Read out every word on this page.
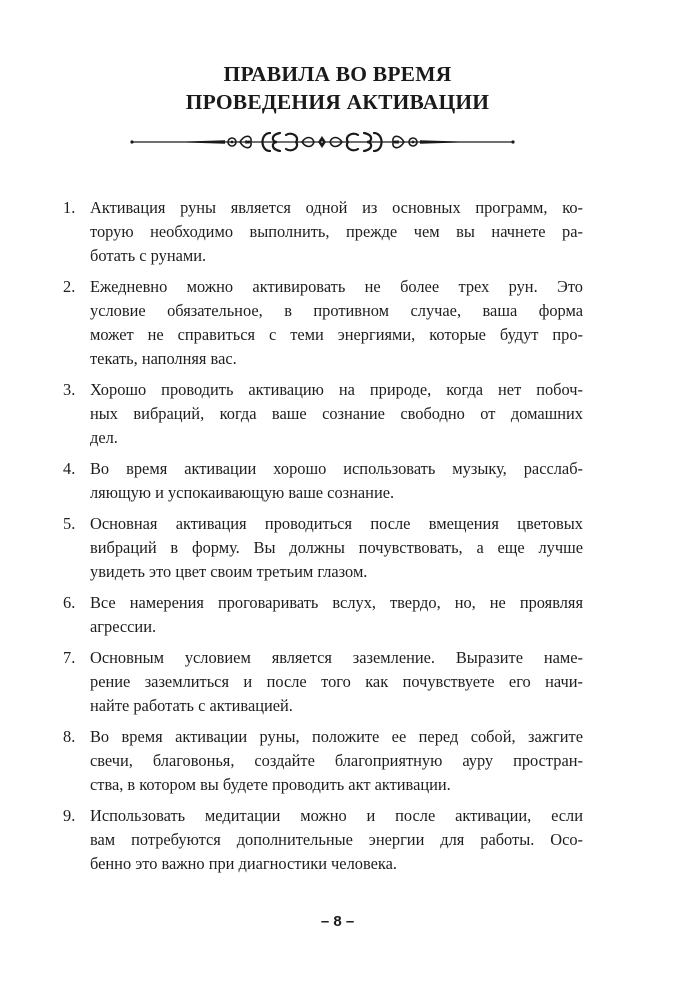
ПРАВИЛА ВО ВРЕМЯ
ПРОВЕДЕНИЯ АКТИВАЦИИ
1. Активация руны является одной из основных программ, ко-
торую необходимо выполнить, прежде чем вы начнете ра-
ботать с рунами.
2. Ежедневно можно активировать не более трех рун. Это
условие обязательное, в противном случае, ваша форма
может не справиться с теми энергиями, которые будут про-
текать, наполняя вас.
3. Хорошо проводить активацию на природе, когда нет побоч-
ных вибраций, когда ваше сознание свободно от домашних
дел.
4. Во время активации хорошо использовать музыку, расслаб-
ляющую и успокаивающую ваше сознание.
5. Основная активация проводиться после вмещения цветовых
вибраций в форму. Вы должны почувствовать, а еще лучше
увидеть это цвет своим третьим глазом.
6. Все намерения проговаривать вслух, твердо, но, не проявляя
агрессии.
7. Основным условием является заземление. Выразите наме-
рение заземлиться и после того как почувствуете его начи-
найте работать с активацией.
8. Во время активации руны, положите ее перед собой, зажгите
свечи, благовонья, создайте благоприятную ауру простран-
ства, в котором вы будете проводить акт активации.
9. Использовать медитации можно и после активации, если
вам потребуются дополнительные энергии для работы. Осо-
бенно это важно при диагностики человека.
– 8 –
